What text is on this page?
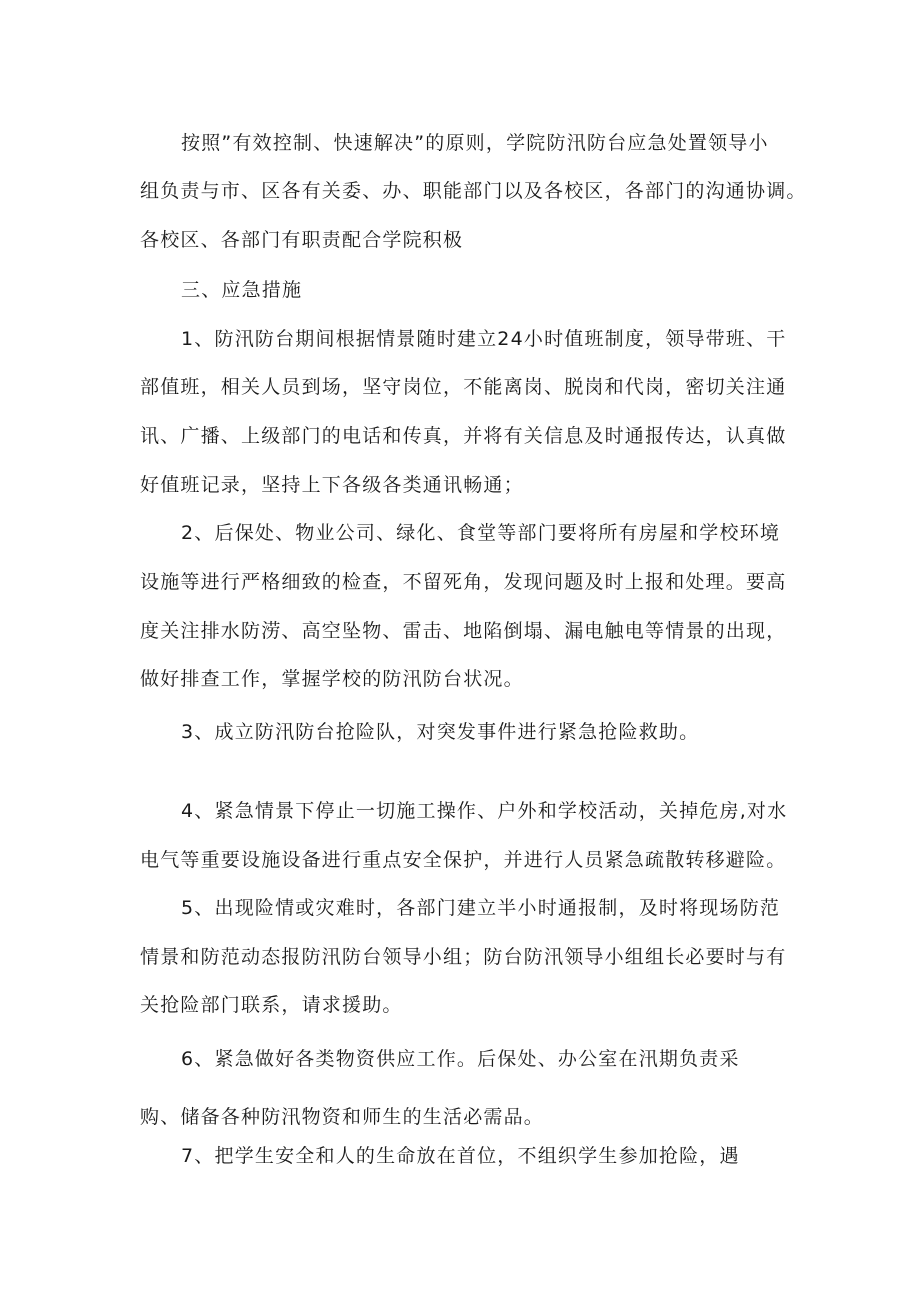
按照”有效控制、快速解决”的原则，学院防汛防台应急处置领导小

组负责与市、区各有关委、办、职能部门以及各校区，各部门的沟通协调。

各校区、各部门有职责配合学院积极

三、应急措施

1、防汛防台期间根据情景随时建立24小时值班制度，领导带班、干

部值班，相关人员到场，坚守岗位，不能离岗、脱岗和代岗，密切关注通

讯、广播、上级部门的电话和传真，并将有关信息及时通报传达，认真做

好值班记录，坚持上下各级各类通讯畅通；

2、后保处、物业公司、绿化、食堂等部门要将所有房屋和学校环境

设施等进行严格细致的检查，不留死角，发现问题及时上报和处理。要高

度关注排水防涝、高空坠物、雷击、地陷倒塌、漏电触电等情景的出现，

做好排查工作，掌握学校的防汛防台状况。

3、成立防汛防台抢险队，对突发事件进行紧急抢险救助。

4、紧急情景下停止一切施工操作、户外和学校活动，关掉危房,对水

电气等重要设施设备进行重点安全保护，并进行人员紧急疏散转移避险。

5、出现险情或灾难时，各部门建立半小时通报制，及时将现场防范

情景和防范动态报防汛防台领导小组；防台防汛领导小组组长必要时与有

关抢险部门联系，请求援助。

6、紧急做好各类物资供应工作。后保处、办公室在汛期负责采

购、储备各种防汛物资和师生的生活必需品。

7、把学生安全和人的生命放在首位，不组织学生参加抢险，遇
